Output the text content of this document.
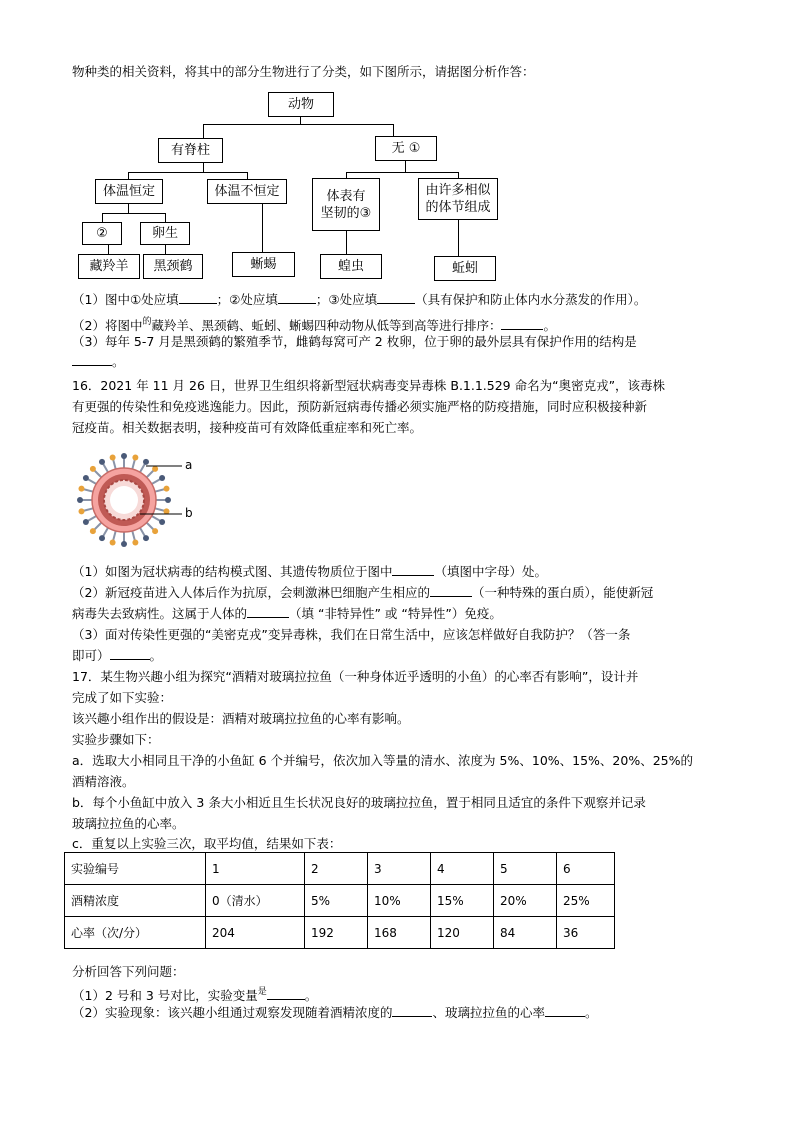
物种类的相关资料，将其中的部分生物进行了分类，如下图所示，请据图分析作答：
动物
有脊柱	无 ①
体温恒定	体温不恒定	体表有
坚韧的③
由许多相似
的体节组成
②	卵生
藏羚羊	黑颈鹤	蜥蜴	蝗虫	蚯蚓
（1）图中①处应填	；②处应填	；③处应填	（具有保护和防止体内水分蒸发的作用）。
（2）将图中$^的$藏羚羊、黑颈鹤、蚯蚓、蜥蜴四种动物从低等到高等进行排序：	。
（3）每年 5-7 月是黑颈鹤的繁殖季节，雌鹤每窝可产 2 枚卵，位于卵的最外层具有保护作用的结构是
。
16．2021 年 11 月 26 日，世界卫生组织将新型冠状病毒变异毒株 B.1.1.529 命名为“奥密克戎”，该毒株
有更强的传染性和免疫逃逸能力。因此，预防新冠病毒传播必须实施严格的防疫措施，同时应积极接种新
冠疫苗。相关数据表明，接种疫苗可有效降低重症率和死亡率。
a
b
（1）如图为冠状病毒的结构模式图、其遗传物质位于图中	（填图中字母）处。
（2）新冠疫苗进入人体后作为抗原，会刺激淋巴细胞产生相应的	（一种特殊的蛋白质），能使新冠
病毒失去致病性。这属于人体的	（填 “非特异性” 或 “特异性”）免疫。
（3）面对传染性更强的“美密克戎”变异毒株，我们在日常生活中，应该怎样做好自我防护？（答一条
即可）	。
17．某生物兴趣小组为探究“酒精对玻璃拉拉鱼（一种身体近乎透明的小鱼）的心率否有影响”，设计并
完成了如下实验：
该兴趣小组作出的假设是：酒精对玻璃拉拉鱼的心率有影响。
实验步骤如下：
a．选取大小相同且干净的小鱼缸 6 个并编号，依次加入等量的清水、浓度为 5%、10%、15%、20%、25%的
酒精溶液。
b．每个小鱼缸中放入 3 条大小相近且生长状况良好的玻璃拉拉鱼，置于相同且适宜的条件下观察并记录
玻璃拉拉鱼的心率。
c．重复以上实验三次，取平均值，结果如下表：
实验编号	1	2	3	4	5	6
酒精浓度	0（清水）	5%	10%	15%	20%	25%
心率（次/分）	204	192	168	120	84	36
分析回答下列问题：
（1）2 号和 3 号对比，实验变量$^是$	。
（2）实验现象：该兴趣小组通过观察发现随着酒精浓度的	、玻璃拉拉鱼的心率	。
